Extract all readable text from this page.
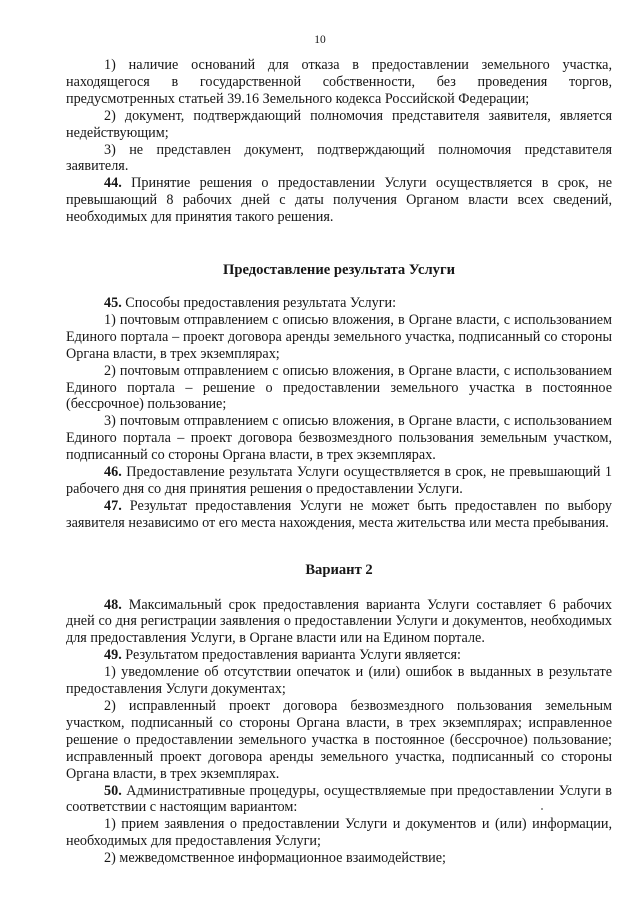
10

1) наличие оснований для отказа в предоставлении земельного участка, находящегося в государственной собственности, без проведения торгов, предусмотренных статьей 39.16 Земельного кодекса Российской Федерации;

2) документ, подтверждающий полномочия представителя заявителя, является недействующим;

3) не представлен документ, подтверждающий полномочия представителя заявителя.

44. Принятие решения о предоставлении Услуги осуществляется в срок, не превышающий 8 рабочих дней с даты получения Органом власти всех сведений, необходимых для принятия такого решения.

Предоставление результата Услуги

45. Способы предоставления результата Услуги:

1) почтовым отправлением с описью вложения, в Органе власти, с использованием Единого портала – проект договора аренды земельного участка, подписанный со стороны Органа власти, в трех экземплярах;

2) почтовым отправлением с описью вложения, в Органе власти, с использованием Единого портала – решение о предоставлении земельного участка в постоянное (бессрочное) пользование;

3) почтовым отправлением с описью вложения, в Органе власти, с использованием Единого портала – проект договора безвозмездного пользования земельным участком, подписанный со стороны Органа власти, в трех экземплярах.

46. Предоставление результата Услуги осуществляется в срок, не превышающий 1 рабочего дня со дня принятия решения о предоставлении Услуги.

47. Результат предоставления Услуги не может быть предоставлен по выбору заявителя независимо от его места нахождения, места жительства или места пребывания.

Вариант 2

48. Максимальный срок предоставления варианта Услуги составляет 6 рабочих дней со дня регистрации заявления о предоставлении Услуги и документов, необходимых для предоставления Услуги, в Органе власти или на Едином портале.

49. Результатом предоставления варианта Услуги является:

1) уведомление об отсутствии опечаток и (или) ошибок в выданных в результате предоставления Услуги документах;

2) исправленный проект договора безвозмездного пользования земельным участком, подписанный со стороны Органа власти, в трех экземплярах; исправленное решение о предоставлении земельного участка в постоянное (бессрочное) пользование; исправленный проект договора аренды земельного участка, подписанный со стороны Органа власти, в трех экземплярах.

50. Административные процедуры, осуществляемые при предоставлении Услуги в соответствии с настоящим вариантом:

1) прием заявления о предоставлении Услуги и документов и (или) информации, необходимых для предоставления Услуги;

2) межведомственное информационное взаимодействие;
